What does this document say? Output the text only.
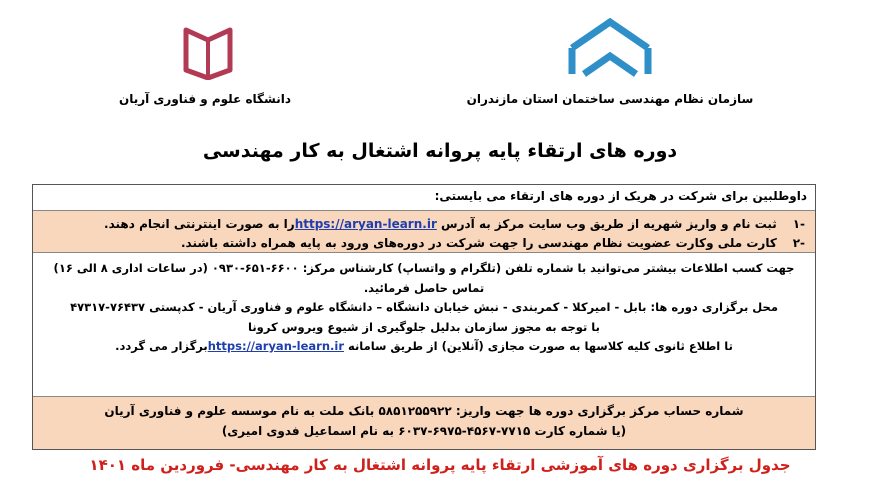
دانشگاه علوم و فناوری آریان	سازمان نظام مهندسی ساختمان استان مازندران
دوره های ارتقاء پایه پروانه اشتغال به کار مهندسی
داوطلبین برای شرکت در هریک از دوره های ارتقاء می بایستی:
-۱ ثبت نام و واریز شهریه از طریق وب سایت مرکز به آدرس https://aryan-learn.irرا به صورت اینترنتی انجام دهند.
-۲ کارت ملی وکارت عضویت نظام مهندسی را جهت شرکت در دوره‌های ورود به پایه همراه داشته باشند.
جهت کسب اطلاعات بیشتر می‌توانید با شماره تلفن (تلگرام و واتساپ) کارشناس مرکز: ۶۶۰۰-۶۵۱-۰۹۳۰ (در ساعات اداری ۸ الی ۱۶) تماس حاصل فرمائید.
محل برگزاری دوره ها: بابل - امیرکلا - کمربندی - نبش خیابان دانشگاه – دانشگاه علوم و فناوری آریان - کدپستی ۷۶۴۳۷-۴۷۳۱۷
با توجه به مجوز سازمان بدلیل جلوگیری از شیوع ویروس کرونا
تا اطلاع ثانوی کلیه کلاسها به صورت مجازی (آنلاین) از طریق سامانه https://aryan-learn.irبرگزار می گردد.
شماره حساب مرکز برگزاری دوره ها جهت واریز: ۵۸۵۱۲۵۵۹۲۲ بانک ملت به نام موسسه علوم و فناوری آریان
(یا شماره کارت ۷۷۱۵-۴۵۶۷-۶۹۷۵-۶۰۳۷ به نام اسماعیل فدوی امیری)
جدول برگزاری دوره های آموزشی ارتقاء پایه پروانه اشتغال به کار مهندسی- فروردین ماه ۱۴۰۱
